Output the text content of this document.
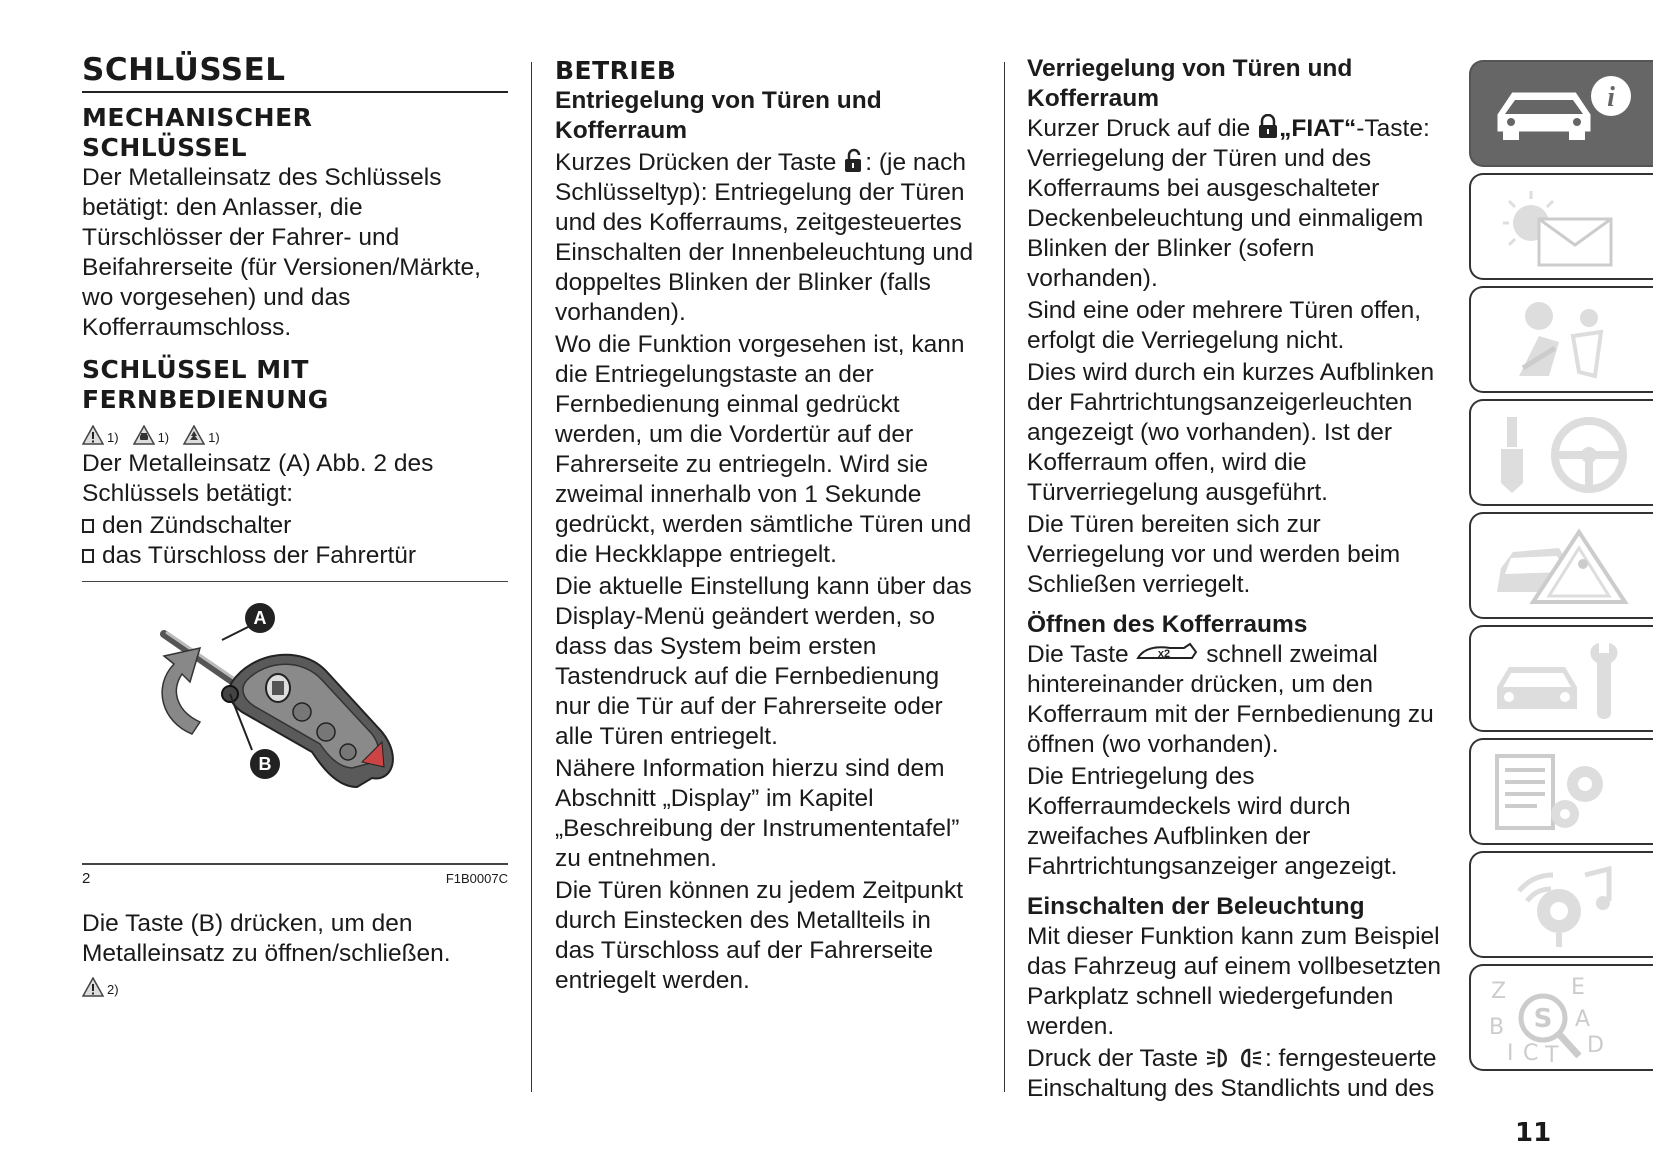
SCHLÜSSEL
MECHANISCHER
SCHLÜSSEL

Der Metalleinsatz des Schlüssels betätigt: den Anlasser, die Türschlösser der Fahrer- und Beifahrerseite (für Versionen/Märkte, wo vorgesehen) und das Kofferraumschloss.

SCHLÜSSEL MIT
FERNBEDIENUNG
1)	1)	1)

Der Metalleinsatz (A) Abb. 2 des Schlüssels betätigt:

den Zündschalter
das Türschloss der Fahrertür
A
B
2	F1B0007C

Die Taste (B) drücken, um den Metalleinsatz zu öffnen/schließen.

2)
BETRIEB
Entriegelung von Türen und Kofferraum

Kurzes Drücken der Taste : (je nach Schlüsseltyp): Entriegelung der Türen und des Kofferraums, zeitgesteuertes Einschalten der Innenbeleuchtung und doppeltes Blinken der Blinker (falls vorhanden).

Wo die Funktion vorgesehen ist, kann die Entriegelungstaste an der Fernbedienung einmal gedrückt werden, um die Vordertür auf der Fahrerseite zu entriegeln. Wird sie zweimal innerhalb von 1 Sekunde gedrückt, werden sämtliche Türen und die Heckklappe entriegelt.

Die aktuelle Einstellung kann über das Display-Menü geändert werden, so dass das System beim ersten Tastendruck auf die Fernbedienung nur die Tür auf der Fahrerseite oder alle Türen entriegelt.

Nähere Information hierzu sind dem Abschnitt „Display” im Kapitel „Beschreibung der Instrumententafel” zu entnehmen.

Die Türen können zu jedem Zeitpunkt durch Einstecken des Metallteils in das Türschloss auf der Fahrerseite entriegelt werden.

Verriegelung von Türen und Kofferraum

Kurzer Druck auf die „FIAT“-Taste: Verriegelung der Türen und des Kofferraums bei ausgeschalteter Deckenbeleuchtung und einmaligem Blinken der Blinker (sofern vorhanden).

Sind eine oder mehrere Türen offen, erfolgt die Verriegelung nicht.

Dies wird durch ein kurzes Aufblinken der Fahrtrichtungsanzeigerleuchten angezeigt (wo vorhanden). Ist der Kofferraum offen, wird die Türverriegelung ausgeführt.

Die Türen bereiten sich zur Verriegelung vor und werden beim Schließen verriegelt.

Öffnen des Kofferraums

Die Taste x2 schnell zweimal hintereinander drücken, um den Kofferraum mit der Fernbedienung zu öffnen (wo vorhanden).

Die Entriegelung des Kofferraumdeckels wird durch zweifaches Aufblinken der Fahrtrichtungsanzeiger angezeigt.

Einschalten der Beleuchtung

Mit dieser Funktion kann zum Beispiel das Fahrzeug auf einem vollbesetzten Parkplatz schnell wiedergefunden werden.

Druck der Taste : ferngesteuerte Einschaltung des Standlichts und des

i
Z	E
B	A
I C T D
S
11
